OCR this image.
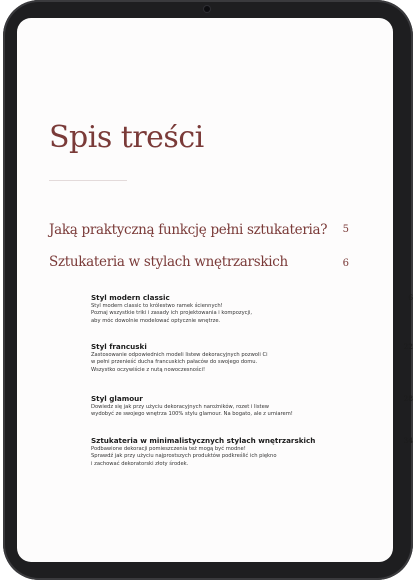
Spis treści
Jaką praktyczną funkcję pełni sztukateria?	5
Sztukateria w stylach wnętrzarskich	6
Styl modern classic
Styl modern classic to królestwo ramek ściennych!
Poznaj wszystkie triki i zasady ich projektowania i kompozycji,
aby móc dowolnie modelować optycznie wnętrze.
6
Styl francuski
Zastosowanie odpowiednich modeli listew dekoracyjnych pozwoli Ci
w pełni przenieść ducha francuskich pałaców do swojego domu.
Wszystko oczywiście z nutą nowoczesności!
22
Styl glamour
Dowiedz się jak przy użyciu dekoracyjnych narożników, rozet i listew
wydobyć ze swojego wnętrza 100% stylu glamour. Na bogato, ale z umiarem!
28
Sztukateria w minimalistycznych stylach wnętrzarskich
Podbawione dekoracji pomieszczenia też mogą być modne!
Sprawdź jak przy użyciu najprostszych produktów podkreślić ich piękno
i zachować dekoratorski złoty środek.
34
